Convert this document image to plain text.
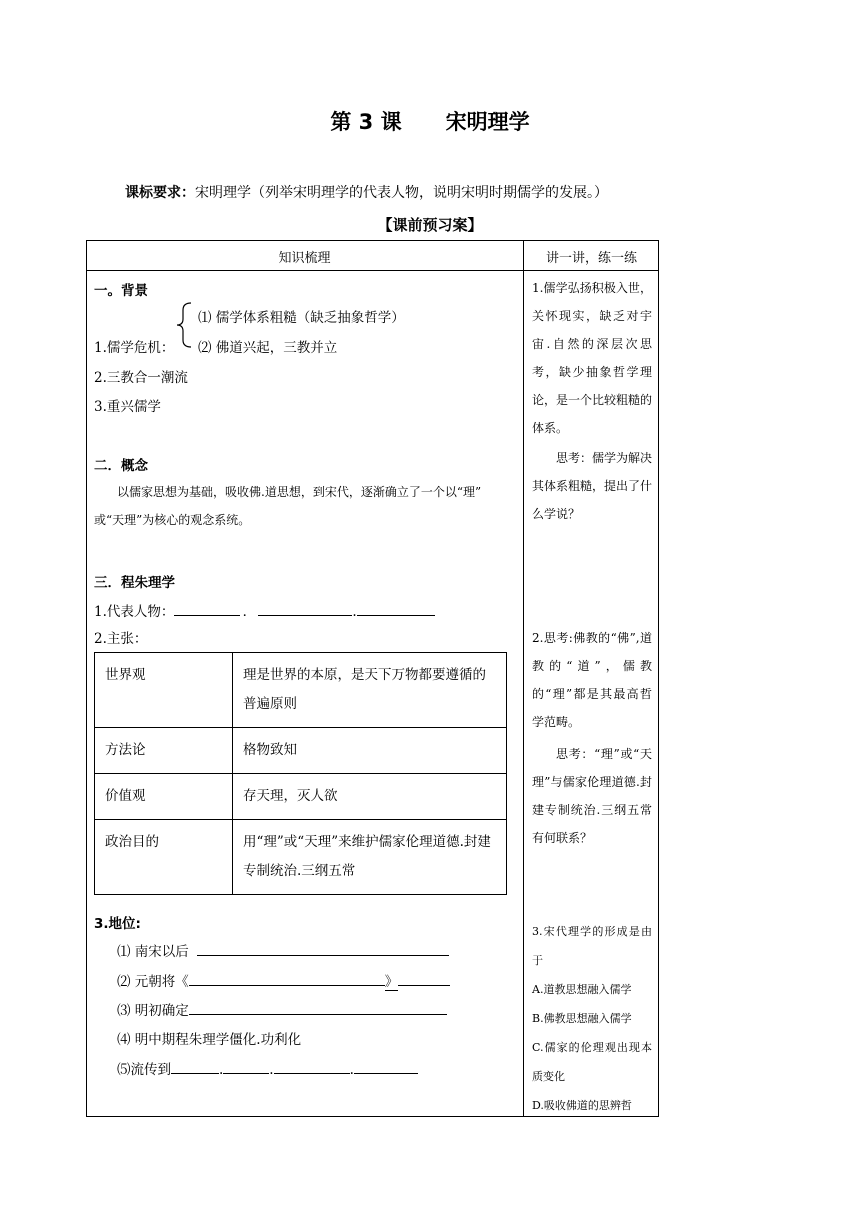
第 3 课 宋明理学
课标要求：宋明理学（列举宋明理学的代表人物，说明宋明时期儒学的发展。）
【课前预习案】
知识梳理	讲一讲，练一练
一。背景
⑴ 儒学体系粗糙（缺乏抽象哲学）
1.儒学危机： ⑵ 佛道兴起，三教并立
2.三教合一潮流
3.重兴儒学
二．概念
以儒家思想为基础，吸收佛.道思想，到宋代，逐渐确立了一个以“理”
或“天理”为核心的观念系统。
三．程朱理学
1.代表人物：	．	.
2.主张：
世界观	理是世界的本原，是天下万物都要遵循的普遍原则
方法论	格物致知
价值观	存天理，灭人欲
政治目的	用“理”或“天理”来维护儒家伦理道德.封建专制统治.三纲五常
3.地位:
⑴ 南宋以后
⑵ 元朝将《	》
⑶ 明初确定
⑷ 明中期程朱理学僵化.功利化
⑸流传到	.	.	.

1.儒学弘扬积极入世，关怀现实，缺乏对宇宙.自然的深层次思考，缺少抽象哲学理论，是一个比较粗糙的体系。

思考：儒学为解决其体系粗糙，提出了什么学说？

2.思考:佛教的“佛”,道教的“道”，儒教的“理”都是其最高哲学范畴。

思考：“理”或“天理”与儒家伦理道德.封建专制统治.三纲五常有何联系？

3.宋代理学的形成是由于

A.道教思想融入儒学

B.佛教思想融入儒学

C.儒家的伦理观出现本质变化

D.吸收佛道的思辨哲
